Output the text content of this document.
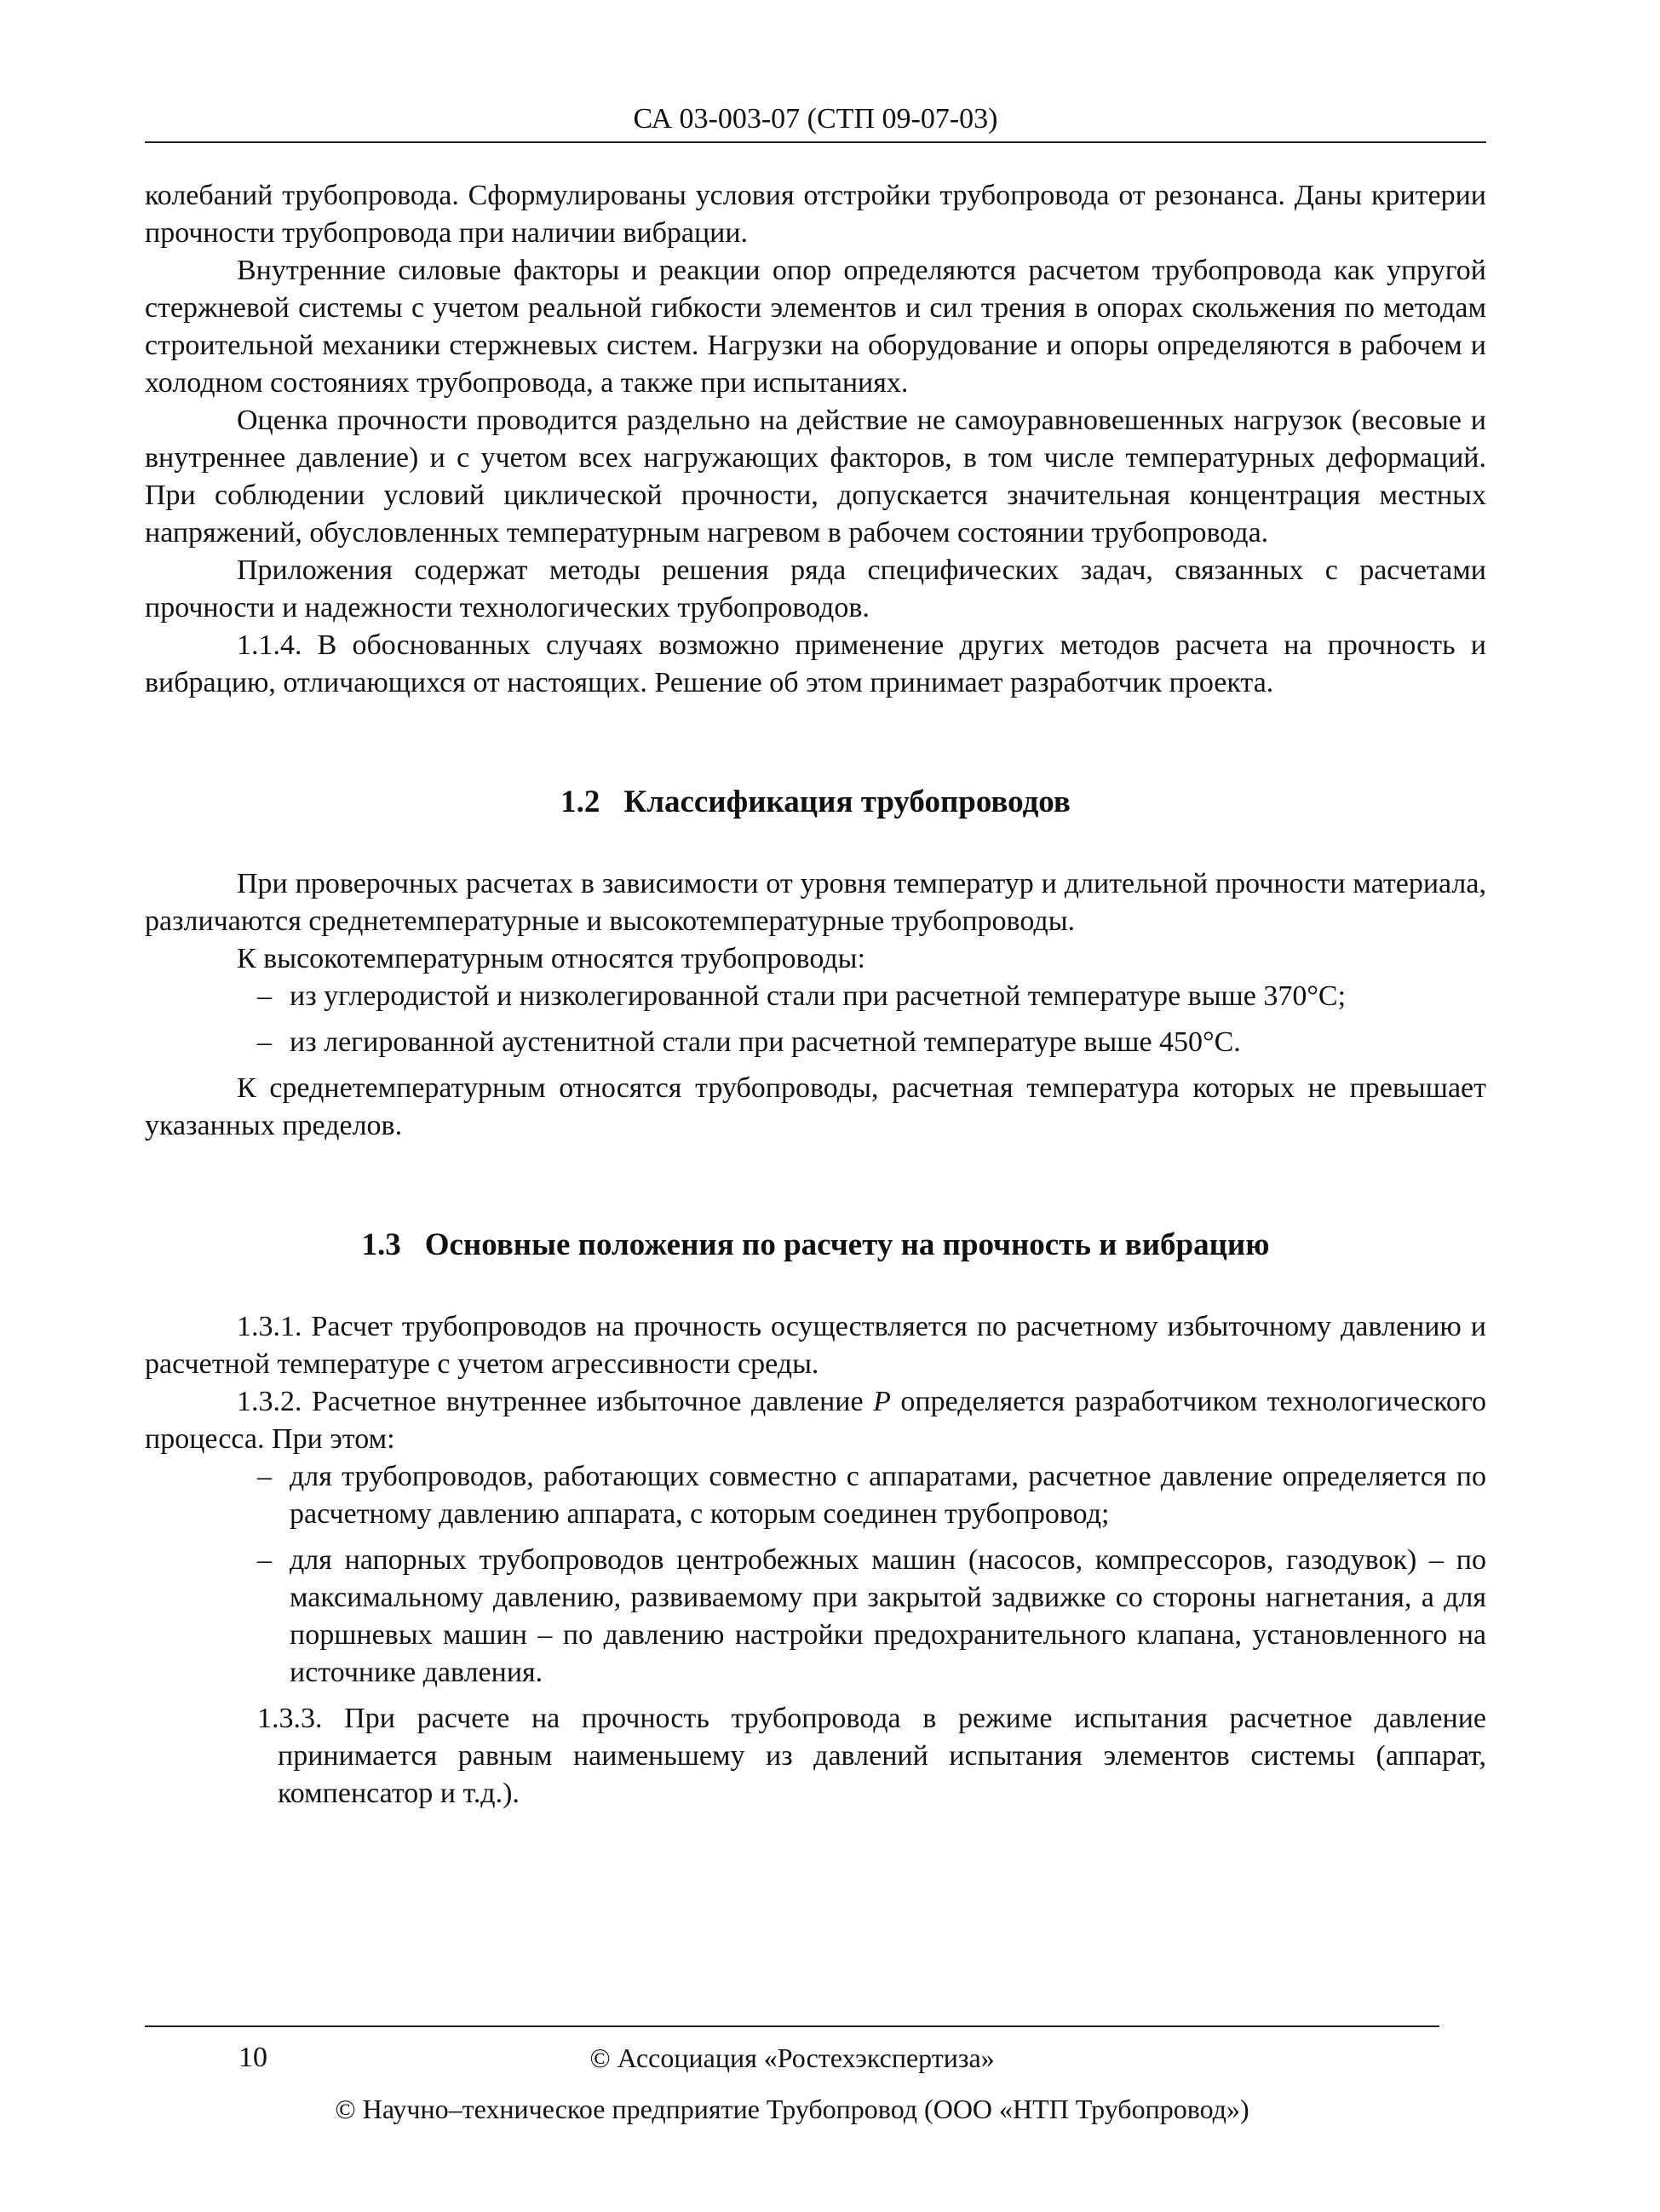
СА 03-003-07 (СТП 09-07-03)

колебаний трубопровода. Сформулированы условия отстройки трубопровода от резонанса. Даны критерии прочности трубопровода при наличии вибрации.

Внутренние силовые факторы и реакции опор определяются расчетом трубопровода как упругой стержневой системы с учетом реальной гибкости элементов и сил трения в опорах скольжения по методам строительной механики стержневых систем. Нагрузки на оборудование и опоры определяются в рабочем и холодном состояниях трубопровода, а также при испытаниях.

Оценка прочности проводится раздельно на действие не самоуравновешенных нагрузок (весовые и внутреннее давление) и с учетом всех нагружающих факторов, в том числе температурных деформаций. При соблюдении условий циклической прочности, допускается значительная концентрация местных напряжений, обусловленных температурным нагревом в рабочем состоянии трубопровода.

Приложения содержат методы решения ряда специфических задач, связанных с расчетами прочности и надежности технологических трубопроводов.

1.1.4. В обоснованных случаях возможно применение других методов расчета на прочность и вибрацию, отличающихся от настоящих. Решение об этом принимает разработчик проекта.

1.2 Классификация трубопроводов

При проверочных расчетах в зависимости от уровня температур и длительной прочности материала, различаются среднетемпературные и высокотемпературные трубопроводы.

К высокотемпературным относятся трубопроводы:

– из углеродистой и низколегированной стали при расчетной температуре выше 370°C;
– из легированной аустенитной стали при расчетной температуре выше 450°C.

К среднетемпературным относятся трубопроводы, расчетная температура которых не превышает указанных пределов.

1.3 Основные положения по расчету на прочность и вибрацию

1.3.1. Расчет трубопроводов на прочность осуществляется по расчетному избыточному давлению и расчетной температуре с учетом агрессивности среды.

1.3.2. Расчетное внутреннее избыточное давление P определяется разработчиком технологического процесса. При этом:

– для трубопроводов, работающих совместно с аппаратами, расчетное давление определяется по расчетному давлению аппарата, с которым соединен трубопровод;
– для напорных трубопроводов центробежных машин (насосов, компрессоров, газодувок) – по максимальному давлению, развиваемому при закрытой задвижке со стороны нагнетания, а для поршневых машин – по давлению настройки предохранительного клапана, установленного на источнике давления.

1.3.3. При расчете на прочность трубопровода в режиме испытания расчетное давление принимается равным наименьшему из давлений испытания элементов системы (аппарат, компенсатор и т.д.).

© Ассоциация «Ростехэкспертиза»
10
© Научно–техническое предприятие Трубопровод (ООО «НТП Трубопровод»)
